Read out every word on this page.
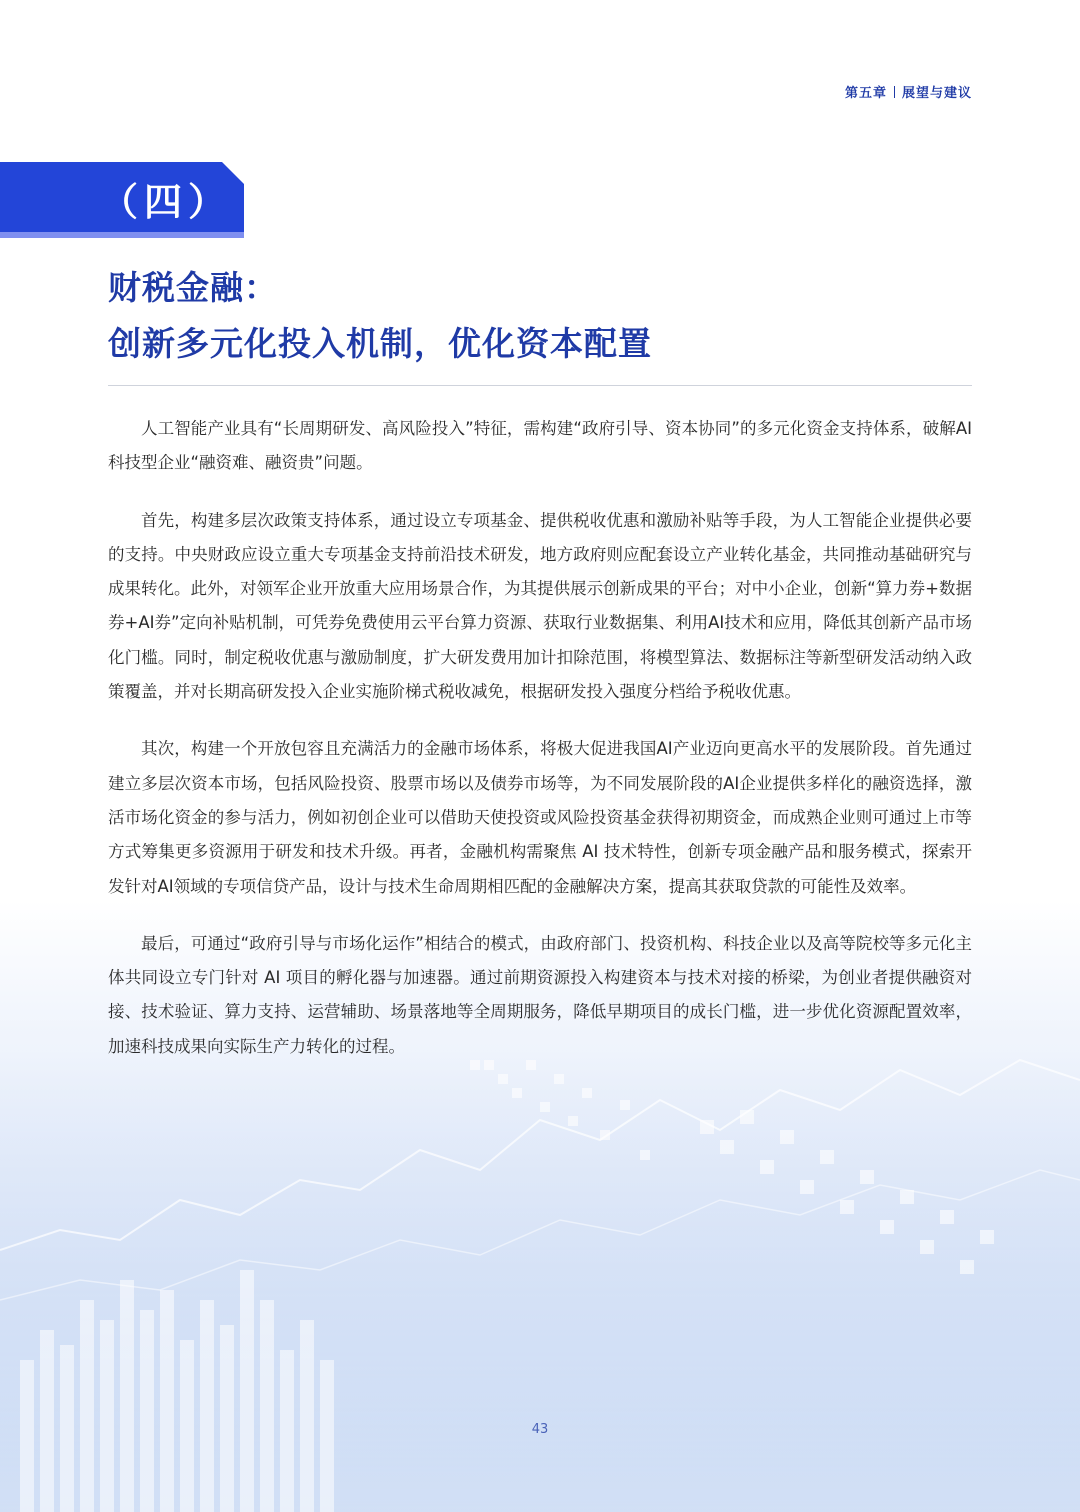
第五章 展望与建议
（四）
财税金融：
创新多元化投入机制，优化资本配置

人工智能产业具有“长周期研发、高风险投入”特征，需构建“政府引导、资本协同”的多元化资金支持体系，破解AI科技型企业“融资难、融资贵”问题。

首先，构建多层次政策支持体系，通过设立专项基金、提供税收优惠和激励补贴等手段，为人工智能企业提供必要的支持。中央财政应设立重大专项基金支持前沿技术研发，地方政府则应配套设立产业转化基金，共同推动基础研究与成果转化。此外，对领军企业开放重大应用场景合作，为其提供展示创新成果的平台；对中小企业，创新“算力券+数据券+AI券”定向补贴机制，可凭券免费使用云平台算力资源、获取行业数据集、利用AI技术和应用，降低其创新产品市场化门槛。同时，制定税收优惠与激励制度，扩大研发费用加计扣除范围，将模型算法、数据标注等新型研发活动纳入政策覆盖，并对长期高研发投入企业实施阶梯式税收减免，根据研发投入强度分档给予税收优惠。

其次，构建一个开放包容且充满活力的金融市场体系，将极大促进我国AI产业迈向更高水平的发展阶段。首先通过建立多层次资本市场，包括风险投资、股票市场以及债券市场等，为不同发展阶段的AI企业提供多样化的融资选择，激活市场化资金的参与活力，例如初创企业可以借助天使投资或风险投资基金获得初期资金，而成熟企业则可通过上市等方式筹集更多资源用于研发和技术升级。再者，金融机构需聚焦 AI 技术特性，创新专项金融产品和服务模式，探索开发针对AI领域的专项信贷产品，设计与技术生命周期相匹配的金融解决方案，提高其获取贷款的可能性及效率。

最后，可通过“政府引导与市场化运作”相结合的模式，由政府部门、投资机构、科技企业以及高等院校等多元化主体共同设立专门针对 AI 项目的孵化器与加速器。通过前期资源投入构建资本与技术对接的桥梁，为创业者提供融资对接、技术验证、算力支持、运营辅助、场景落地等全周期服务，降低早期项目的成长门槛，进一步优化资源配置效率，加速科技成果向实际生产力转化的过程。

43
